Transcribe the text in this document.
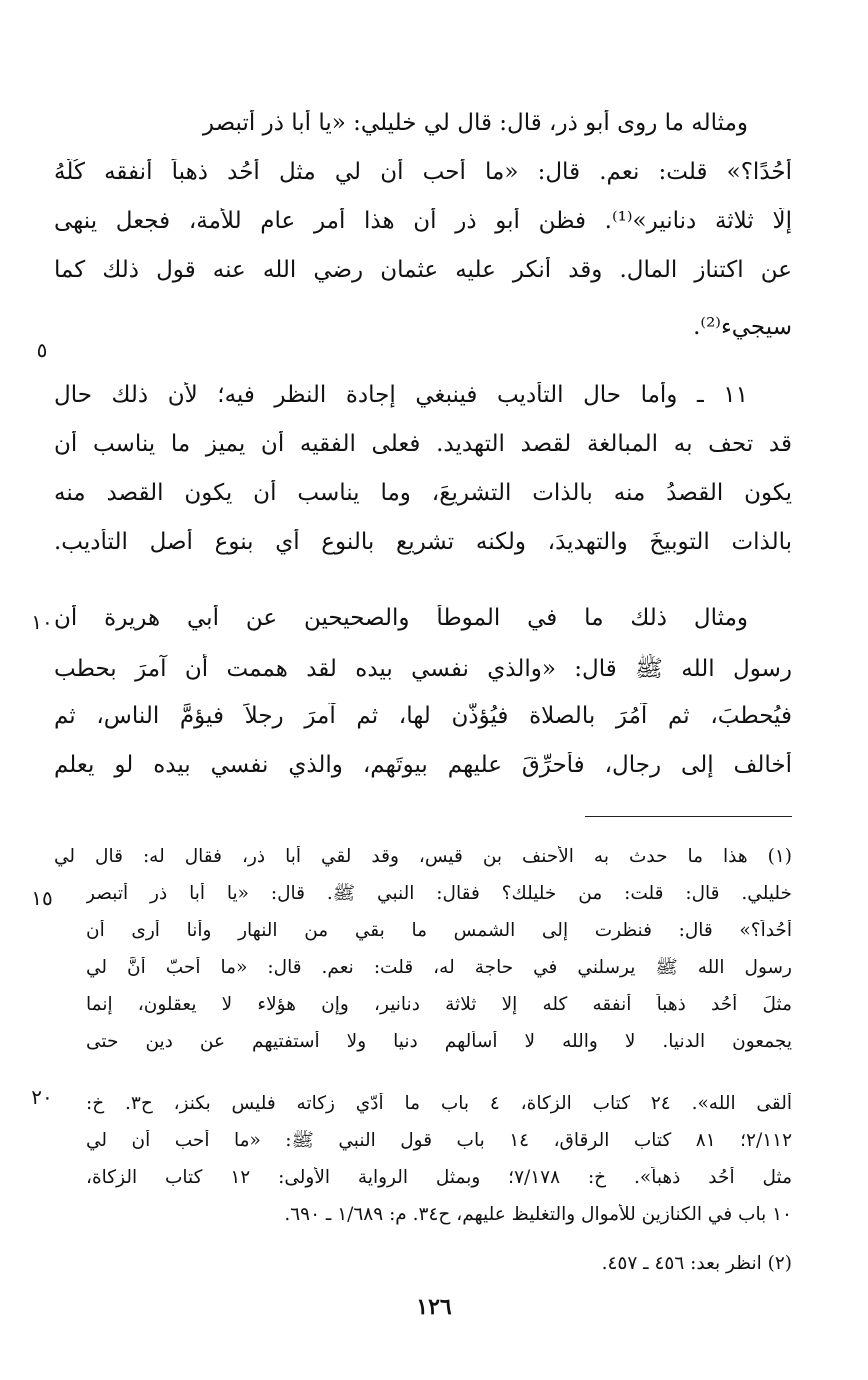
ومثاله ما روى أبو ذر، قال: قال لي خليلي: «يا أبا ذر أتبصر
أُحُدًا؟» قلت: نعم. قال: «ما أحب أن لي مثل أُحُد ذهباً أنفقه كُلَّهُ
إلّا ثلاثة دنانير»⁽¹⁾. فظن أبو ذر أن هذا أمر عام للأمة، فجعل ينهى
عن اكتناز المال. وقد أنكر عليه عثمان رضي الله عنه قول ذلك كما
سيجيء⁽²⁾.
١١ ـ وأما حال التأديب فينبغي إجادة النظر فيه؛ لأن ذلك حال
قد تحف به المبالغة لقصد التهديد. فعلى الفقيه أن يميز ما يناسب أن
يكون القصدُ منه بالذات التشريعَ، وما يناسب أن يكون القصد منه
بالذات التوبيخَ والتهديدَ، ولكنه تشريع بالنوع أي بنوع أصل التأديب.
ومثال ذلك ما في الموطأ والصحيحين عن أبي هريرة أن
رسول الله ﷺ قال: «والذي نفسي بيده لقد هممت أن آمرَ بحطب
فيُحطبَ، ثم آمُرَ بالصلاة فيُؤذّن لها، ثم آمرَ رجلاً فيؤمَّ الناس، ثم
أخالف إلى رجال، فأُحرِّقَ عليهم بيوتَهم، والذي نفسي بيده لو يعلم
(١) هذا ما حدث به الأحنف بن قيس، وقد لقي أبا ذر، فقال له: قال لي
خليلي. قال: قلت: من خليلك؟ فقال: النبي ﷺ. قال: «يا أبا ذر أتبصر
أُحُداً؟» قال: فنظرت إلى الشمس ما بقي من النهار وأنا أرى أن
رسول الله ﷺ يرسلني في حاجة له، قلت: نعم. قال: «ما أحبّ أنَّ لي
مثلَ أُحُد ذهباً أنفقه كله إلا ثلاثة دنانير، وإن هؤلاء لا يعقلون، إنما
يجمعون الدنيا. لا والله لا أسألهم دنيا ولا أستفتيهم عن دين حتى
ألقى الله». ٢٤ كتاب الزكاة، ٤ باب ما أدّي زكاته فليس بكنز، ح٣. خ:
٢/١١٢؛ ٨١ كتاب الرقاق، ١٤ باب قول النبي ﷺ: «ما أحب أن لي
مثل أُحُد ذهباً». خ: ٧/١٧٨؛ وبمثل الرواية الأولى: ١٢ كتاب الزكاة،
١٠ باب في الكنازين للأموال والتغليظ عليهم، ح٣٤. م: ١/٦٨٩ ـ ٦٩٠.
(٢) انظر بعد: ٤٥٦ ـ ٤٥٧.
٥
١٠
١٥
٢٠
١٢٦
